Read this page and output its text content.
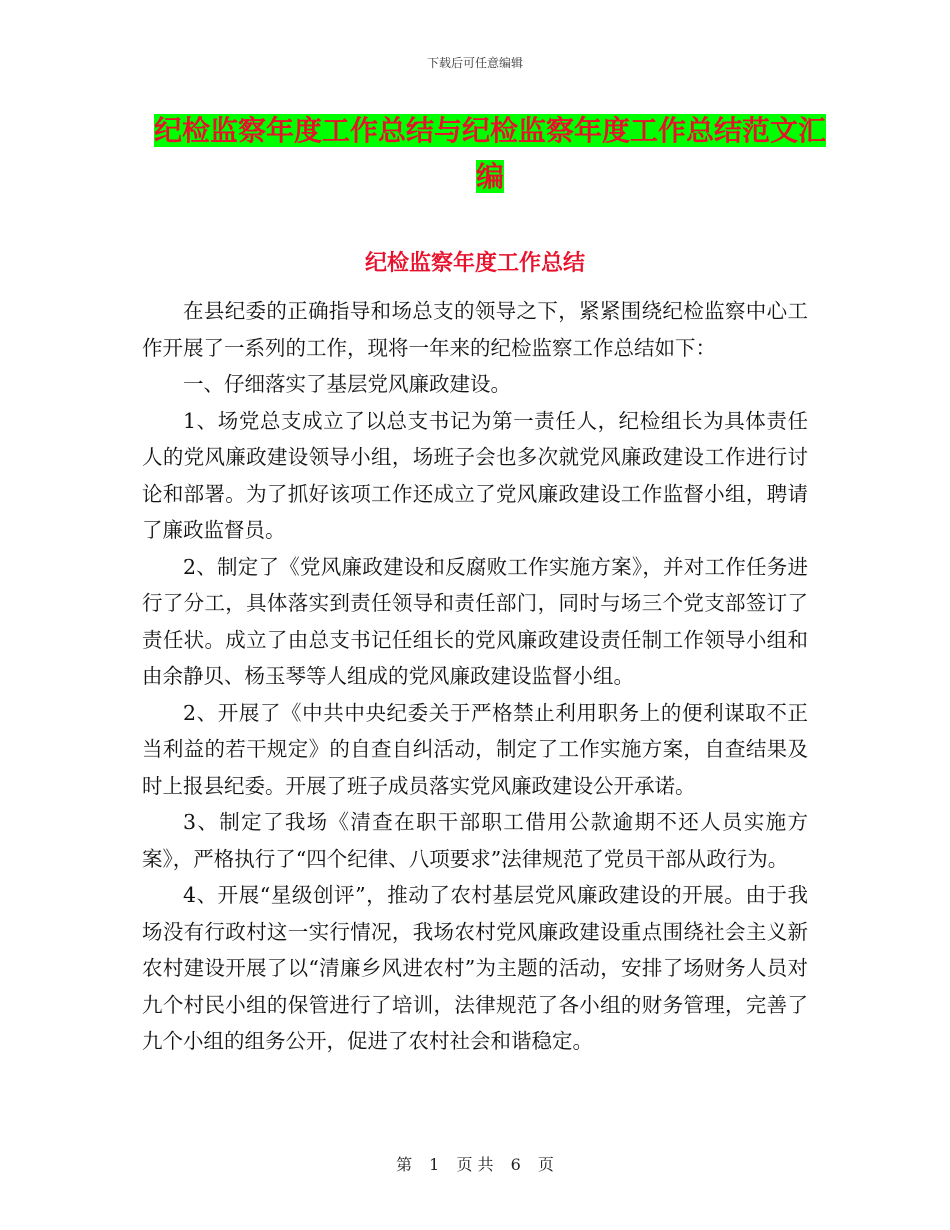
下载后可任意编辑
纪检监察年度工作总结与纪检监察年度工作总结范文汇编
纪检监察年度工作总结

在县纪委的正确指导和场总支的领导之下，紧紧围绕纪检监察中心工作开展了一系列的工作，现将一年来的纪检监察工作总结如下：

一、仔细落实了基层党风廉政建设。

1、场党总支成立了以总支书记为第一责任人，纪检组长为具体责任人的党风廉政建设领导小组，场班子会也多次就党风廉政建设工作进行讨论和部署。为了抓好该项工作还成立了党风廉政建设工作监督小组，聘请了廉政监督员。

2、制定了《党风廉政建设和反腐败工作实施方案》，并对工作任务进行了分工，具体落实到责任领导和责任部门，同时与场三个党支部签订了责任状。成立了由总支书记任组长的党风廉政建设责任制工作领导小组和由余静贝、杨玉琴等人组成的党风廉政建设监督小组。

2、开展了《中共中央纪委关于严格禁止利用职务上的便利谋取不正当利益的若干规定》的自查自纠活动，制定了工作实施方案，自查结果及时上报县纪委。开展了班子成员落实党风廉政建设公开承诺。

3、制定了我场《清查在职干部职工借用公款逾期不还人员实施方案》，严格执行了“四个纪律、八项要求”法律规范了党员干部从政行为。

4、开展“星级创评”，推动了农村基层党风廉政建设的开展。由于我场没有行政村这一实行情况，我场农村党风廉政建设重点围绕社会主义新农村建设开展了以“清廉乡风进农村”为主题的活动，安排了场财务人员对九个村民小组的保管进行了培训，法律规范了各小组的财务管理，完善了九个小组的组务公开，促进了农村社会和谐稳定。

第 1 页 共 6 页
